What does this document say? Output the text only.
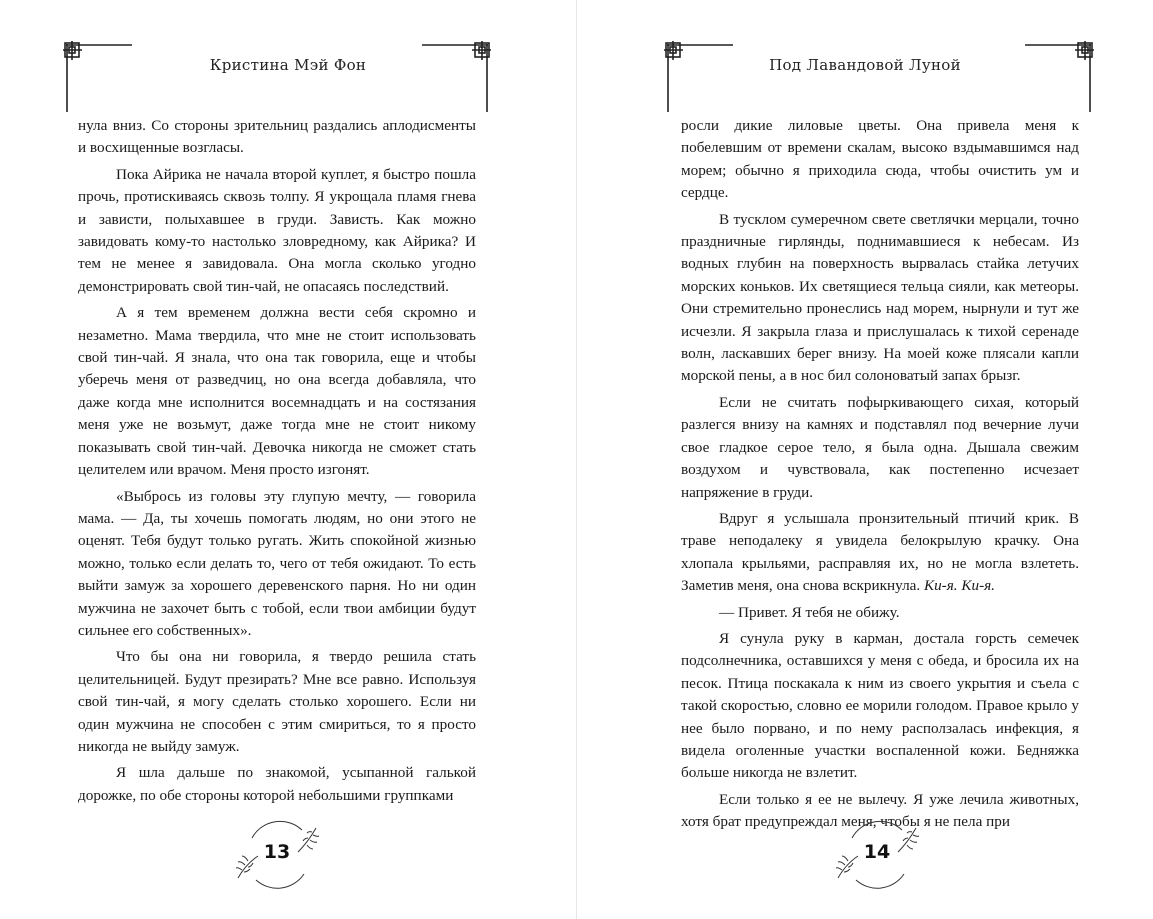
Кристина Мэй Фон

нула вниз. Со стороны зрительниц раздались аплодисменты и восхищенные возгласы.

Пока Айрика не начала второй куплет, я быстро пошла прочь, протискиваясь сквозь толпу. Я укрощала пламя гнева и зависти, полыхавшее в груди. Зависть. Как можно завидовать кому-то настолько зловредному, как Айрика? И тем не менее я завидовала. Она могла сколько угодно демонстрировать свой тин-чай, не опасаясь последствий.

А я тем временем должна вести себя скромно и незаметно. Мама твердила, что мне не стоит использовать свой тин-чай. Я знала, что она так говорила, еще и чтобы уберечь меня от разведчиц, но она всегда добавляла, что даже когда мне исполнится восемнадцать и на состязания меня уже не возьмут, даже тогда мне не стоит никому показывать свой тин-чай. Девочка никогда не сможет стать целителем или врачом. Меня просто изгонят.

«Выбрось из головы эту глупую мечту, — говорила мама. — Да, ты хочешь помогать людям, но они этого не оценят. Тебя будут только ругать. Жить спокойной жизнью можно, только если делать то, чего от тебя ожидают. То есть выйти замуж за хорошего деревенского парня. Но ни один мужчина не захочет быть с тобой, если твои амбиции будут сильнее его собственных».

Что бы она ни говорила, я твердо решила стать целительницей. Будут презирать? Мне все равно. Используя свой тин-чай, я могу сделать столько хорошего. Если ни один мужчина не способен с этим смириться, то я просто никогда не выйду замуж.

Я шла дальше по знакомой, усыпанной галькой дорожке, по обе стороны которой небольшими группками

13
Под Лавандовой Луной

росли дикие лиловые цветы. Она привела меня к побелевшим от времени скалам, высоко вздымавшимся над морем; обычно я приходила сюда, чтобы очистить ум и сердце.

В тусклом сумеречном свете светлячки мерцали, точно праздничные гирлянды, поднимавшиеся к небесам. Из водных глубин на поверхность вырвалась стайка летучих морских коньков. Их светящиеся тельца сияли, как метеоры. Они стремительно пронеслись над морем, нырнули и тут же исчезли. Я закрыла глаза и прислушалась к тихой серенаде волн, ласкавших берег внизу. На моей коже плясали капли морской пены, а в нос бил солоноватый запах брызг.

Если не считать пофыркивающего сихая, который разлегся внизу на камнях и подставлял под вечерние лучи свое гладкое серое тело, я была одна. Дышала свежим воздухом и чувствовала, как постепенно исчезает напряжение в груди.

Вдруг я услышала пронзительный птичий крик. В траве неподалеку я увидела белокрылую крачку. Она хлопала крыльями, расправляя их, но не могла взлететь. Заметив меня, она снова вскрикнула. Ки-я. Ки-я.

— Привет. Я тебя не обижу.

Я сунула руку в карман, достала горсть семечек подсолнечника, оставшихся у меня с обеда, и бросила их на песок. Птица поскакала к ним из своего укрытия и съела с такой скоростью, словно ее морили голодом. Правое крыло у нее было порвано, и по нему расползалась инфекция, я видела оголенные участки воспаленной кожи. Бедняжка больше никогда не взлетит.

Если только я ее не вылечу. Я уже лечила животных, хотя брат предупреждал меня, чтобы я не пела при

14
